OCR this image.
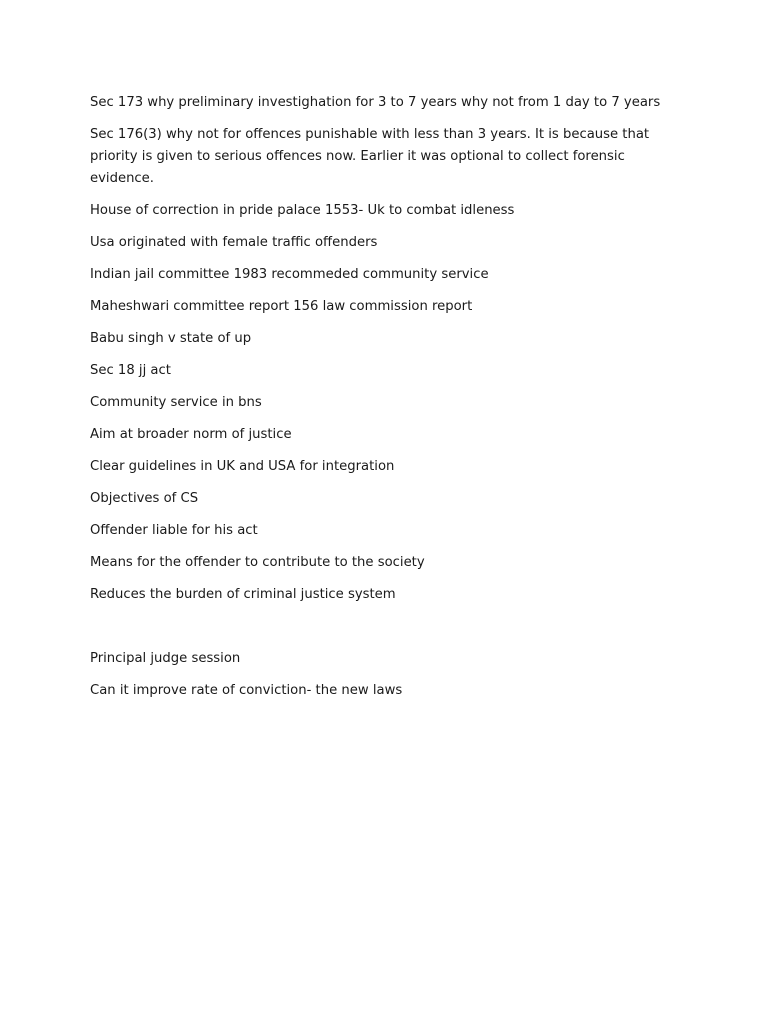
Sec 173 why preliminary investighation for 3 to 7 years why not from 1 day to 7 years

Sec 176(3) why not for offences punishable with less than 3 years. It is because that priority is given to serious offences now. Earlier it was optional to collect forensic evidence.

House of correction in pride palace 1553- Uk to combat idleness

Usa originated with female traffic offenders

Indian jail committee 1983 recommeded community service

Maheshwari committee report 156 law commission report

Babu singh v state of up

Sec 18 jj act

Community service in bns

Aim at broader norm of justice

Clear guidelines in UK and USA for integration

Objectives of CS

Offender liable for his act

Means for the offender to contribute to the society

Reduces the burden of criminal justice system

Principal judge session

Can it improve rate of conviction- the new laws
